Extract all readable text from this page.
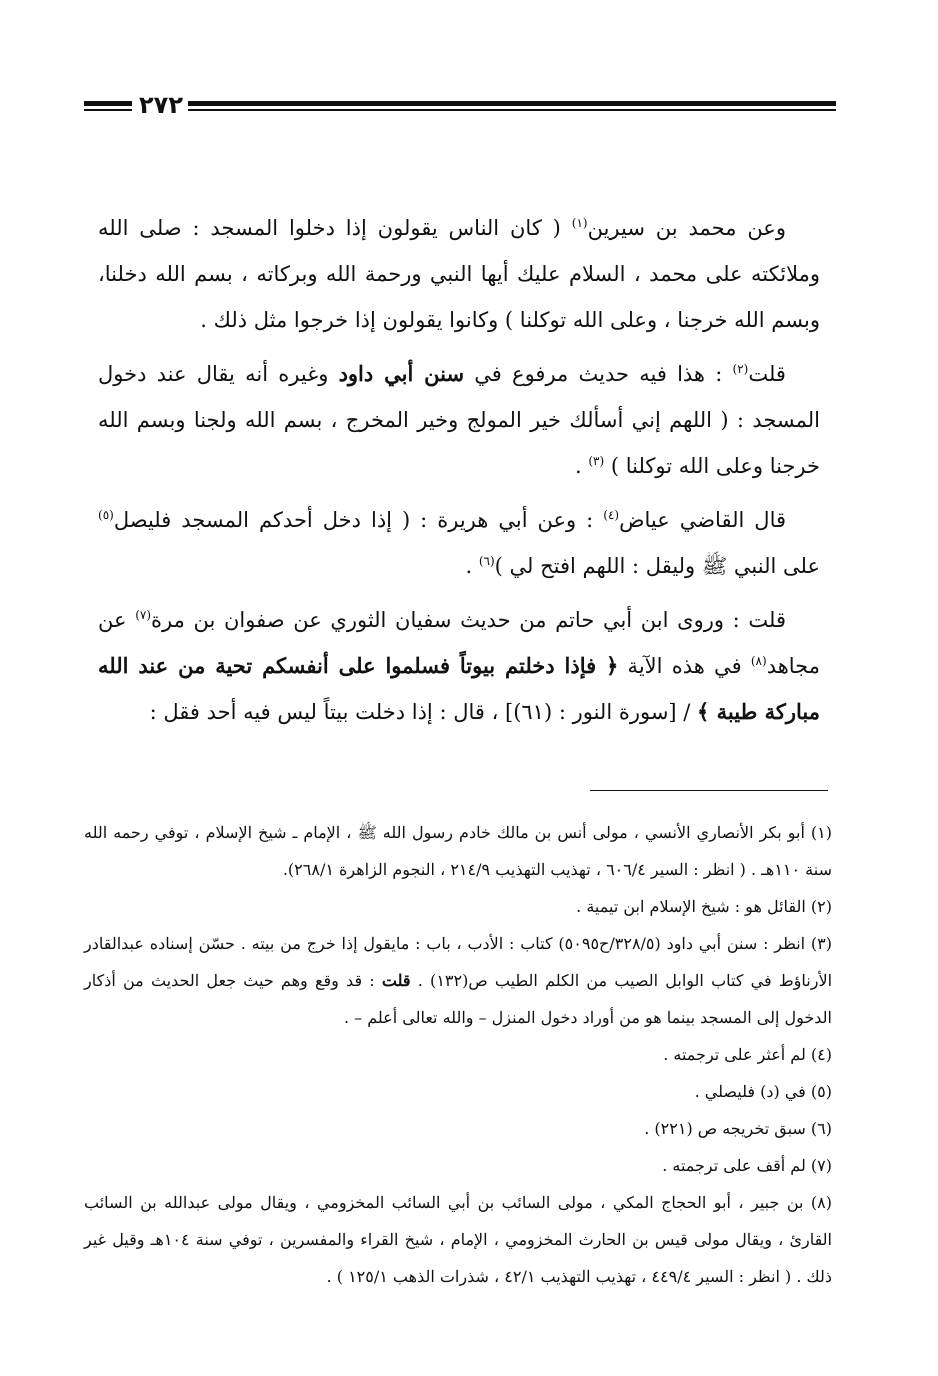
٢٧٢

وعن محمد بن سيرين$^{(١)}$ ( كان الناس يقولون إذا دخلوا المسجد : صلى الله وملائكته على محمد ، السلام عليك أيها النبي ورحمة الله وبركاته ، بسم الله دخلنا، وبسم الله خرجنا ، وعلى الله توكلنا ) وكانوا يقولون إذا خرجوا مثل ذلك .

قلت$^{(٢)}$ : هذا فيه حديث مرفوع في سنن أبي داود وغيره أنه يقال عند دخول المسجد : ( اللهم إني أسألك خير المولج وخير المخرج ، بسم الله ولجنا وبسم الله خرجنا وعلى الله توكلنا ) $^{(٣)}$ .

قال القاضي عياض$^{(٤)}$ : وعن أبي هريرة : ( إذا دخل أحدكم المسجد فليصل$^{(٥)}$ على النبي ﷺ وليقل : اللهم افتح لي )$^{(٦)}$ .

قلت : وروى ابن أبي حاتم من حديث سفيان الثوري عن صفوان بن مرة$^{(٧)}$ عن مجاهد$^{(٨)}$ في هذه الآية ﴿ فإذا دخلتم بيوتاً فسلموا على أنفسكم تحية من عند الله مباركة طيبة ﴾ / [سورة النور : (٦١)] ، قال : إذا دخلت بيتاً ليس فيه أحد فقل :

(١) أبو بكر الأنصاري الأنسي ، مولى أنس بن مالك خادم رسول الله ﷺ ، الإمام ـ شيخ الإسلام ، توفي رحمه الله سنة ١١٠هـ . ( انظر : السير ٦٠٦/٤ ، تهذيب التهذيب ٢١٤/٩ ، النجوم الزاهرة ٢٦٨/١).

(٢) القائل هو : شيخ الإسلام ابن تيمية .

(٣) انظر : سنن أبي داود (٣٢٨/٥/ح٥٠٩٥) كتاب : الأدب ، باب : مايقول إذا خرج من بيته . حسّن إسناده عبدالقادر الأرناؤط في كتاب الوابل الصيب من الكلم الطيب ص(١٣٢) . قلت : قد وقع وهم حيث جعل الحديث من أذكار الدخول إلى المسجد بينما هو من أوراد دخول المنزل – والله تعالى أعلم – .

(٤) لم أعثر على ترجمته .

(٥) في (د) فليصلي .

(٦) سبق تخريجه ص (٢٢١) .

(٧) لم أقف على ترجمته .

(٨) بن جبير ، أبو الحجاج المكي ، مولى السائب بن أبي السائب المخزومي ، ويقال مولى عبدالله بن السائب القارئ ، ويقال مولى قيس بن الحارث المخزومي ، الإمام ، شيخ القراء والمفسرين ، توفي سنة ١٠٤هـ وقيل غير ذلك . ( انظر : السير ٤٤٩/٤ ، تهذيب التهذيب ٤٢/١ ، شذرات الذهب ١٢٥/١ ) .
